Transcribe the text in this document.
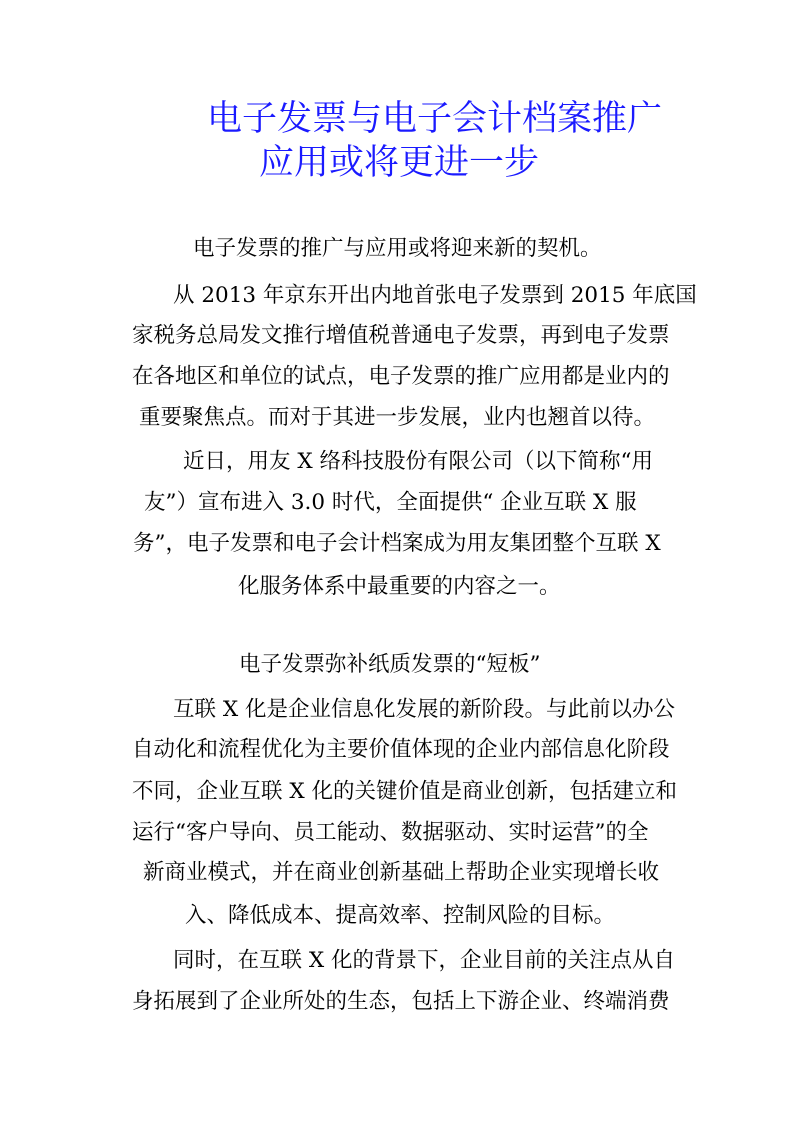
电子发票与电子会计档案推广
应用或将更进一步
电子发票的推广与应用或将迎来新的契机。
从 2013 年京东开出内地首张电子发票到 2015 年底国
家税务总局发文推行增值税普通电子发票，再到电子发票
在各地区和单位的试点，电子发票的推广应用都是业内的
重要聚焦点。而对于其进一步发展，业内也翘首以待。
近日，用友 X 络科技股份有限公司（以下简称“用
友”）宣布进入 3.0 时代，全面提供“ 企业互联 X 服
务”，电子发票和电子会计档案成为用友集团整个互联 X
化服务体系中最重要的内容之一。
电子发票弥补纸质发票的“短板”
互联 X 化是企业信息化发展的新阶段。与此前以办公
自动化和流程优化为主要价值体现的企业内部信息化阶段
不同，企业互联 X 化的关键价值是商业创新，包括建立和
运行“客户导向、员工能动、数据驱动、实时运营”的全
新商业模式，并在商业创新基础上帮助企业实现增长收
入、降低成本、提高效率、控制风险的目标。
同时，在互联 X 化的背景下，企业目前的关注点从自
身拓展到了企业所处的生态，包括上下游企业、终端消费
